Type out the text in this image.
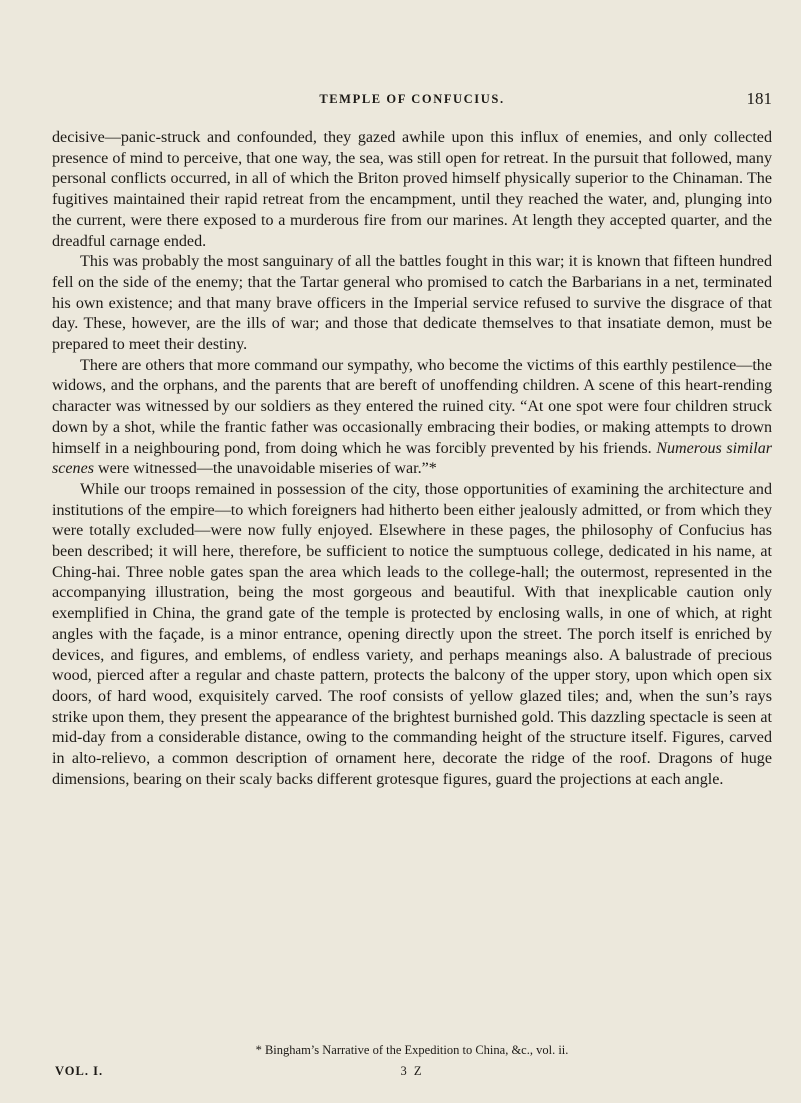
TEMPLE OF CONFUCIUS.	181

decisive—panic-struck and confounded, they gazed awhile upon this influx of enemies, and only collected presence of mind to perceive, that one way, the sea, was still open for retreat. In the pursuit that followed, many personal conflicts occurred, in all of which the Briton proved himself physically superior to the Chinaman. The fugitives maintained their rapid retreat from the encampment, until they reached the water, and, plunging into the current, were there exposed to a murderous fire from our marines. At length they accepted quarter, and the dreadful carnage ended.

This was probably the most sanguinary of all the battles fought in this war; it is known that fifteen hundred fell on the side of the enemy; that the Tartar general who promised to catch the Barbarians in a net, terminated his own existence; and that many brave officers in the Imperial service refused to survive the disgrace of that day. These, however, are the ills of war; and those that dedicate themselves to that insatiate demon, must be prepared to meet their destiny.

There are others that more command our sympathy, who become the victims of this earthly pestilence—the widows, and the orphans, and the parents that are bereft of unoffending children. A scene of this heart-rending character was witnessed by our soldiers as they entered the ruined city. “At one spot were four children struck down by a shot, while the frantic father was occasionally embracing their bodies, or making attempts to drown himself in a neighbouring pond, from doing which he was forcibly prevented by his friends. Numerous similar scenes were witnessed—the unavoidable miseries of war.”*

While our troops remained in possession of the city, those opportunities of examining the architecture and institutions of the empire—to which foreigners had hitherto been either jealously admitted, or from which they were totally excluded—were now fully enjoyed. Elsewhere in these pages, the philosophy of Confucius has been described; it will here, therefore, be sufficient to notice the sumptuous college, dedicated in his name, at Ching-hai. Three noble gates span the area which leads to the college-hall; the outermost, represented in the accompanying illustration, being the most gorgeous and beautiful. With that inexplicable caution only exemplified in China, the grand gate of the temple is protected by enclosing walls, in one of which, at right angles with the façade, is a minor entrance, opening directly upon the street. The porch itself is enriched by devices, and figures, and emblems, of endless variety, and perhaps meanings also. A balustrade of precious wood, pierced after a regular and chaste pattern, protects the balcony of the upper story, upon which open six doors, of hard wood, exquisitely carved. The roof consists of yellow glazed tiles; and, when the sun’s rays strike upon them, they present the appearance of the brightest burnished gold. This dazzling spectacle is seen at mid-day from a considerable distance, owing to the commanding height of the structure itself. Figures, carved in alto-relievo, a common description of ornament here, decorate the ridge of the roof. Dragons of huge dimensions, bearing on their scaly backs different grotesque figures, guard the projections at each angle.

* Bingham’s Narrative of the Expedition to China, &c., vol. ii.
VOL. I.	3 Z
